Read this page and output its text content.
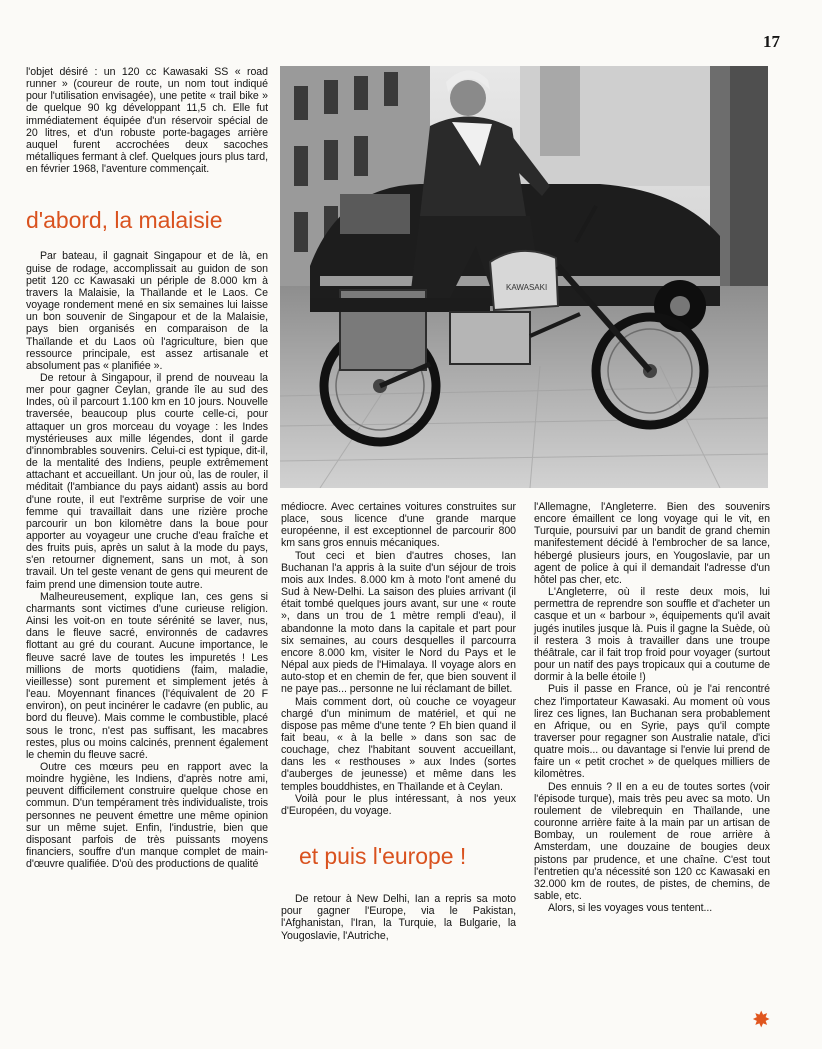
17

l'objet désiré : un 120 cc Kawasaki SS « road runner » (coureur de route, un nom tout indiqué pour l'utilisation envisagée), une petite « trail bike » de quelque 90 kg développant 11,5 ch. Elle fut immédiatement équipée d'un réservoir spécial de 20 litres, et d'un robuste porte-bagages arrière auquel furent accrochées deux sacoches métalliques fermant à clef. Quelques jours plus tard, en février 1968, l'aventure commençait.

d'abord, la malaisie

Par bateau, il gagnait Singapour et de là, en guise de rodage, accomplissait au guidon de son petit 120 cc Kawasaki un périple de 8.000 km à travers la Malaisie, la Thaïlande et le Laos. Ce voyage rondement mené en six semaines lui laisse un bon souvenir de Singapour et de la Malaisie, pays bien organisés en comparaison de la Thaïlande et du Laos où l'agriculture, bien que ressource principale, est assez artisanale et absolument pas « planifiée ».

De retour à Singapour, il prend de nouveau la mer pour gagner Ceylan, grande île au sud des Indes, où il parcourt 1.100 km en 10 jours. Nouvelle traversée, beaucoup plus courte celle-ci, pour attaquer un gros morceau du voyage : les Indes mystérieuses aux mille légendes, dont il garde d'innombrables souvenirs. Celui-ci est typique, dit-il, de la mentalité des Indiens, peuple extrêmement attachant et accueillant. Un jour où, las de rouler, il méditait (l'ambiance du pays aidant) assis au bord d'une route, il eut l'extrême surprise de voir une femme qui travaillait dans une rizière proche parcourir un bon kilomètre dans la boue pour apporter au voyageur une cruche d'eau fraîche et des fruits puis, après un salut à la mode du pays, s'en retourner dignement, sans un mot, à son travail. Un tel geste venant de gens qui meurent de faim prend une dimension toute autre.

Malheureusement, explique Ian, ces gens si charmants sont victimes d'une curieuse religion. Ainsi les voit-on en toute sérénité se laver, nus, dans le fleuve sacré, environnés de cadavres flottant au gré du courant. Aucune importance, le fleuve sacré lave de toutes les impuretés ! Les millions de morts quotidiens (faim, maladie, vieillesse) sont purement et simplement jetés à l'eau. Moyennant finances (l'équivalent de 20 F environ), on peut incinérer le cadavre (en public, au bord du fleuve). Mais comme le combustible, placé sous le tronc, n'est pas suffisant, les macabres restes, plus ou moins calcinés, prennent également le chemin du fleuve sacré.

Outre ces mœurs peu en rapport avec la moindre hygiène, les Indiens, d'après notre ami, peuvent difficilement construire quelque chose en commun. D'un tempérament très individualiste, trois personnes ne peuvent émettre une même opinion sur un même sujet. Enfin, l'industrie, bien que disposant parfois de très puissants moyens financiers, souffre d'un manque complet de main-d'œuvre qualifiée. D'où des productions de qualité

KAWASAKI

médiocre. Avec certaines voitures construites sur place, sous licence d'une grande marque européenne, il est exceptionnel de parcourir 800 km sans gros ennuis mécaniques.

Tout ceci et bien d'autres choses, Ian Buchanan l'a appris à la suite d'un séjour de trois mois aux Indes. 8.000 km à moto l'ont amené du Sud à New-Delhi. La saison des pluies arrivant (il était tombé quelques jours avant, sur une « route », dans un trou de 1 mètre rempli d'eau), il abandonne la moto dans la capitale et part pour six semaines, au cours desquelles il parcourra encore 8.000 km, visiter le Nord du Pays et le Népal aux pieds de l'Himalaya. Il voyage alors en auto-stop et en chemin de fer, que bien souvent il ne paye pas... personne ne lui réclamant de billet.

Mais comment dort, où couche ce voyageur chargé d'un minimum de matériel, et qui ne dispose pas même d'une tente ? Eh bien quand il fait beau, « à la belle » dans son sac de couchage, chez l'habitant souvent accueillant, dans les « resthouses » aux Indes (sortes d'auberges de jeunesse) et même dans les temples bouddhistes, en Thaïlande et à Ceylan.

Voilà pour le plus intéressant, à nos yeux d'Européen, du voyage.

et puis l'europe !

De retour à New Delhi, Ian a repris sa moto pour gagner l'Europe, via le Pakistan, l'Afghanistan, l'Iran, la Turquie, la Bulgarie, la Yougoslavie, l'Autriche,

l'Allemagne, l'Angleterre. Bien des souvenirs encore émaillent ce long voyage qui le vit, en Turquie, poursuivi par un bandit de grand chemin manifestement décidé à l'embrocher de sa lance, hébergé plusieurs jours, en Yougoslavie, par un agent de police à qui il demandait l'adresse d'un hôtel pas cher, etc.

L'Angleterre, où il reste deux mois, lui permettra de reprendre son souffle et d'acheter un casque et un « barbour », équipements qu'il avait jugés inutiles jusque là. Puis il gagne la Suède, où il restera 3 mois à travailler dans une troupe théâtrale, car il fait trop froid pour voyager (surtout pour un natif des pays tropicaux qui a coutume de dormir à la belle étoile !)

Puis il passe en France, où je l'ai rencontré chez l'importateur Kawasaki. Au moment où vous lirez ces lignes, Ian Buchanan sera probablement en Afrique, ou en Syrie, pays qu'il compte traverser pour regagner son Australie natale, d'ici quatre mois... ou davantage si l'envie lui prend de faire un « petit crochet » de quelques milliers de kilomètres.

Des ennuis ? Il en a eu de toutes sortes (voir l'épisode turque), mais très peu avec sa moto. Un roulement de vilebrequin en Thaïlande, une couronne arrière faite à la main par un artisan de Bombay, un roulement de roue arrière à Amsterdam, une douzaine de bougies deux pistons par prudence, et une chaîne. C'est tout l'entretien qu'a nécessité son 120 cc Kawasaki en 32.000 km de routes, de pistes, de chemins, de sable, etc.

Alors, si les voyages vous tentent...

✸
